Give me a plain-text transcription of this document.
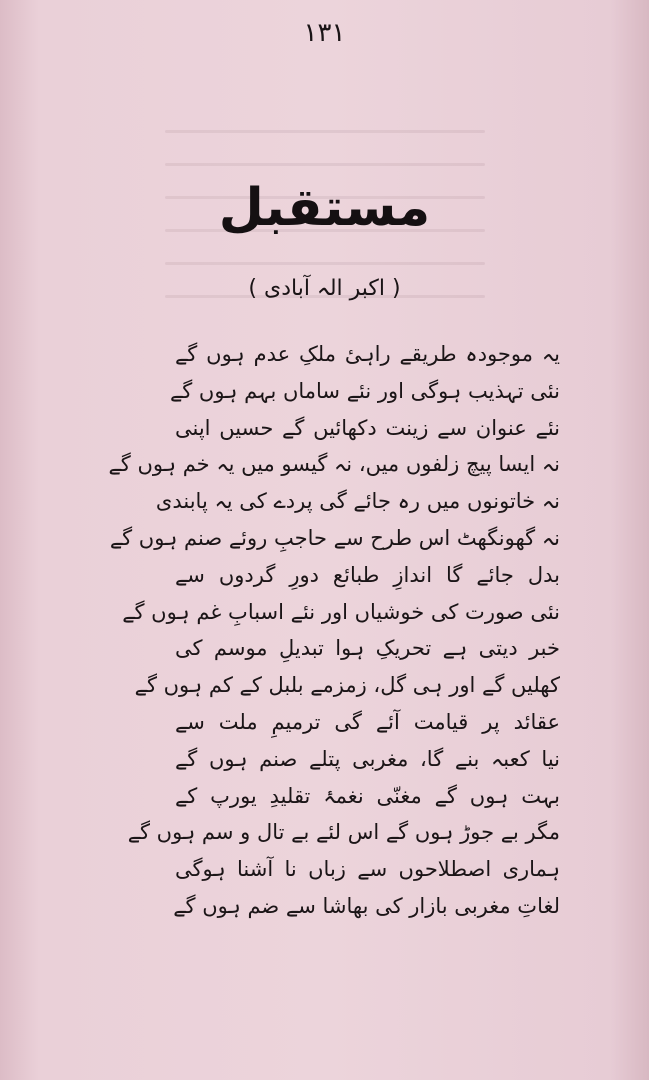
۱۳۱
مستقبل
( اکبر الہ آبادی )
یہ موجودہ طریقے راہیٔ ملکِ عدم ہوں گے
نئی تہذیب ہوگی اور نئے ساماں بہم ہوں گے
نئے عنوان سے زینت دکھائیں گے حسیں اپنی
نہ ایسا پیچ زلفوں میں، نہ گیسو میں یہ خم ہوں گے
نہ خاتونوں میں رہ جائے گی پردے کی یہ پابندی
نہ گھونگھٹ اس طرح سے حاجبِ روئے صنم ہوں گے
بدل جائے گا اندازِ طبائع دورِ گردوں سے
نئی صورت کی خوشیاں اور نئے اسبابِ غم ہوں گے
خبر دیتی ہے تحریکِ ہوا تبدیلِ موسم کی
کھلیں گے اور ہی گل، زمزمے بلبل کے کم ہوں گے
عقائد پر قیامت آئے گی ترمیمِ ملت سے
نیا کعبہ بنے گا، مغربی پتلے صنم ہوں گے
بہت ہوں گے مغنّی نغمۂ تقلیدِ یورپ کے
مگر بے جوڑ ہوں گے اس لئے بے تال و سم ہوں گے
ہماری اصطلاحوں سے زباں نا آشنا ہوگی
لغاتِ مغربی بازار کی بھاشا سے ضم ہوں گے
